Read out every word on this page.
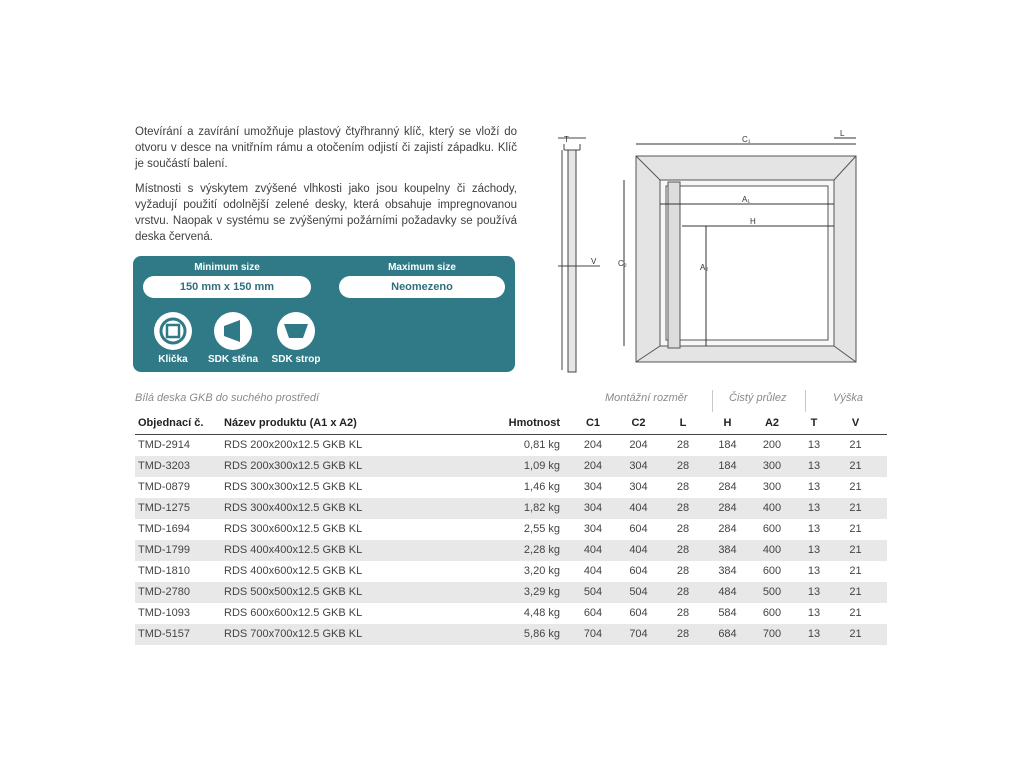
Otevírání a zavírání umožňuje plastový čtyřhranný klíč, který se vloží do otvoru v desce na vnitřním rámu a otočením odjistí či zajistí západku. Klíč je součástí balení.

Místnosti s výskytem zvýšené vlhkosti jako jsou koupelny či záchody, vyžadují použití odolnější zelené desky, která obsahuje impregnovanou vrstvu. Naopak v systému se zvýšenými požárními požadavky se používá deska červená.

Minimum size
150 mm x 150 mm
Maximum size
Neomezeno
Klička	SDK stěna	SDK strop
T
V
C₁
L
A₁
H
C₂	A₂
Bílá deska GKB do suchého prostředí	Montážní rozměr	Čistý průlez	Výška
Objednací č.	Název produktu (A1 x A2)	Hmotnost	C1	C2	L	H	A2	T	V
TMD-2914	RDS 200x200x12.5 GKB KL	0,81 kg	204	204	28	184	200	13	21
TMD-3203	RDS 200x300x12.5 GKB KL	1,09 kg	204	304	28	184	300	13	21
TMD-0879	RDS 300x300x12.5 GKB KL	1,46 kg	304	304	28	284	300	13	21
TMD-1275	RDS 300x400x12.5 GKB KL	1,82 kg	304	404	28	284	400	13	21
TMD-1694	RDS 300x600x12.5 GKB KL	2,55 kg	304	604	28	284	600	13	21
TMD-1799	RDS 400x400x12.5 GKB KL	2,28 kg	404	404	28	384	400	13	21
TMD-1810	RDS 400x600x12.5 GKB KL	3,20 kg	404	604	28	384	600	13	21
TMD-2780	RDS 500x500x12.5 GKB KL	3,29 kg	504	504	28	484	500	13	21
TMD-1093	RDS 600x600x12.5 GKB KL	4,48 kg	604	604	28	584	600	13	21
TMD-5157	RDS 700x700x12.5 GKB KL	5,86 kg	704	704	28	684	700	13	21
